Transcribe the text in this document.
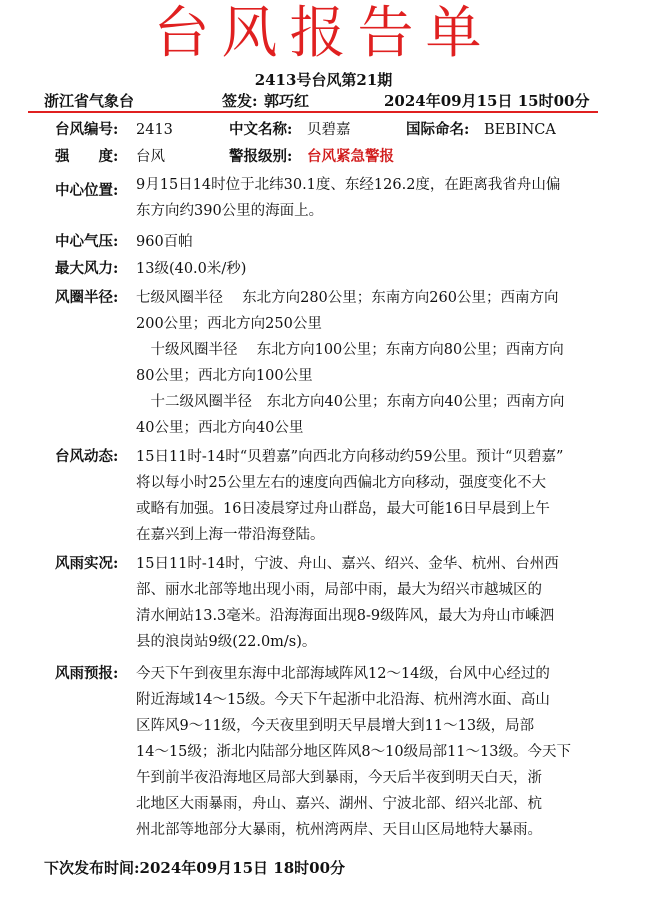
台风报告单
2413号台风第21期
浙江省气象台	签发: 郭巧红	2024年09月15日 15时00分
台风编号: 2413	中文名称: 贝碧嘉	国际命名: BEBINCA
强　　度: 台风	警报级别: 台风紧急警报
中心位置: 9月15日14时位于北纬30.1度、东经126.2度，在距离我省舟山偏
东方向约390公里的海面上。
中心气压: 960百帕
最大风力: 13级(40.0米/秒)
风圈半径: 七级风圈半径　 东北方向280公里；东南方向260公里；西南方向
200公里；西北方向250公里
　十级风圈半径　 东北方向100公里；东南方向80公里；西南方向
80公里；西北方向100公里
　十二级风圈半径　东北方向40公里；东南方向40公里；西南方向
40公里；西北方向40公里
台风动态: 15日11时-14时“贝碧嘉”向西北方向移动约59公里。预计“贝碧嘉”
将以每小时25公里左右的速度向西偏北方向移动，强度变化不大
或略有加强。16日凌晨穿过舟山群岛，最大可能16日早晨到上午
在嘉兴到上海一带沿海登陆。
风雨实况: 15日11时-14时，宁波、舟山、嘉兴、绍兴、金华、杭州、台州西
部、丽水北部等地出现小雨，局部中雨，最大为绍兴市越城区的
清水闸站13.3毫米。沿海海面出现8-9级阵风，最大为舟山市嵊泗
县的浪岗站9级(22.0m/s)。
风雨预报: 今天下午到夜里东海中北部海域阵风12～14级，台风中心经过的
附近海域14～15级。今天下午起浙中北沿海、杭州湾水面、高山
区阵风9～11级，今天夜里到明天早晨增大到11～13级，局部
14～15级；浙北内陆部分地区阵风8～10级局部11～13级。今天下
午到前半夜沿海地区局部大到暴雨，今天后半夜到明天白天，浙
北地区大雨暴雨，舟山、嘉兴、湖州、宁波北部、绍兴北部、杭
州北部等地部分大暴雨，杭州湾两岸、天目山区局地特大暴雨。
下次发布时间:2024年09月15日 18时00分
